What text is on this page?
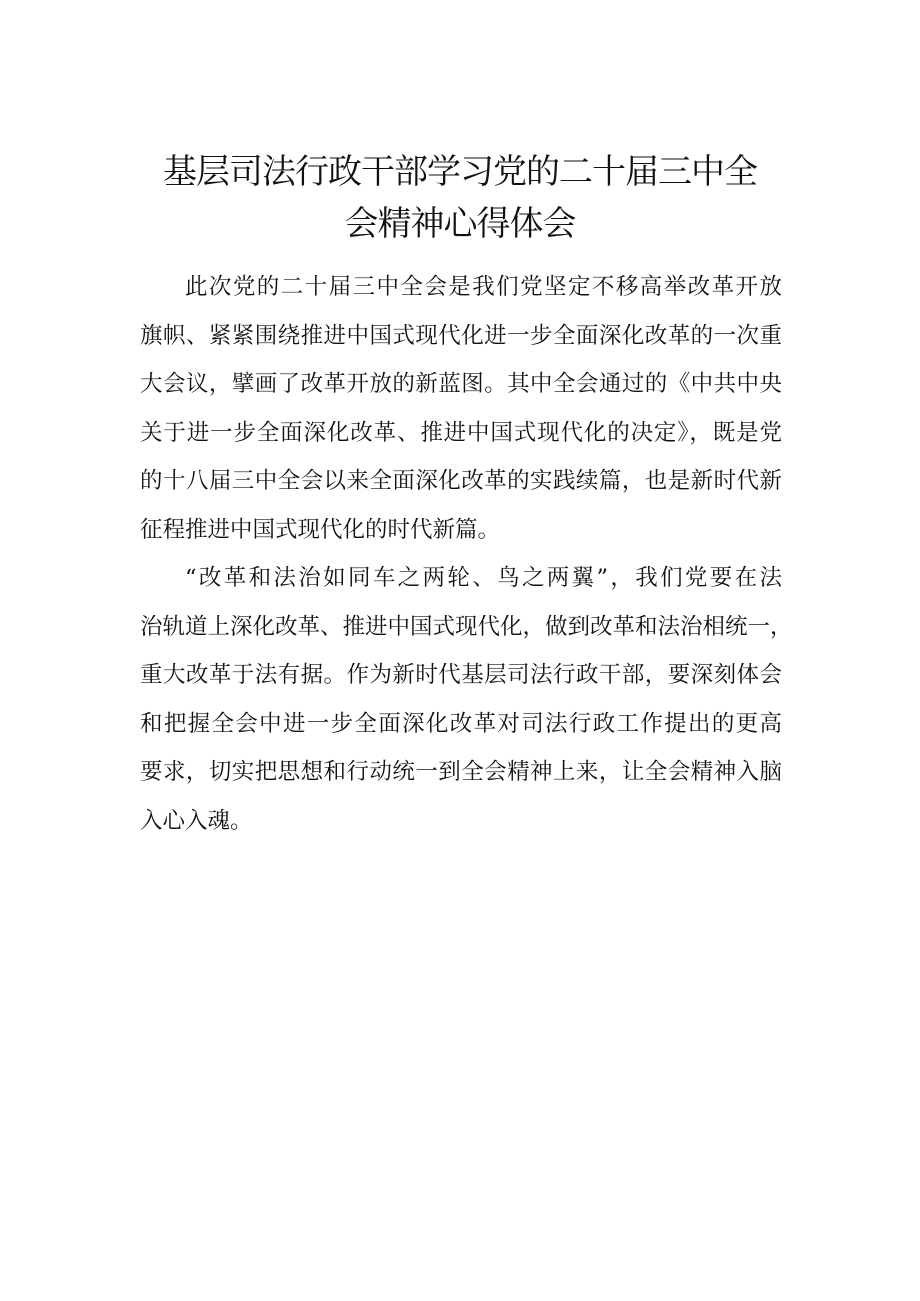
基层司法行政干部学习党的二十届三中全
会精神心得体会
此次党的二十届三中全会是我们党坚定不移高举改革开放
旗帜、紧紧围绕推进中国式现代化进一步全面深化改革的一次重
大会议，擘画了改革开放的新蓝图。其中全会通过的《中共中央
关于进一步全面深化改革、推进中国式现代化的决定》，既是党
的十八届三中全会以来全面深化改革的实践续篇，也是新时代新
征程推进中国式现代化的时代新篇。
“改革和法治如同车之两轮、鸟之两翼”，我们党要在法
治轨道上深化改革、推进中国式现代化，做到改革和法治相统一，
重大改革于法有据。作为新时代基层司法行政干部，要深刻体会
和把握全会中进一步全面深化改革对司法行政工作提出的更高
要求，切实把思想和行动统一到全会精神上来，让全会精神入脑
入心入魂。
